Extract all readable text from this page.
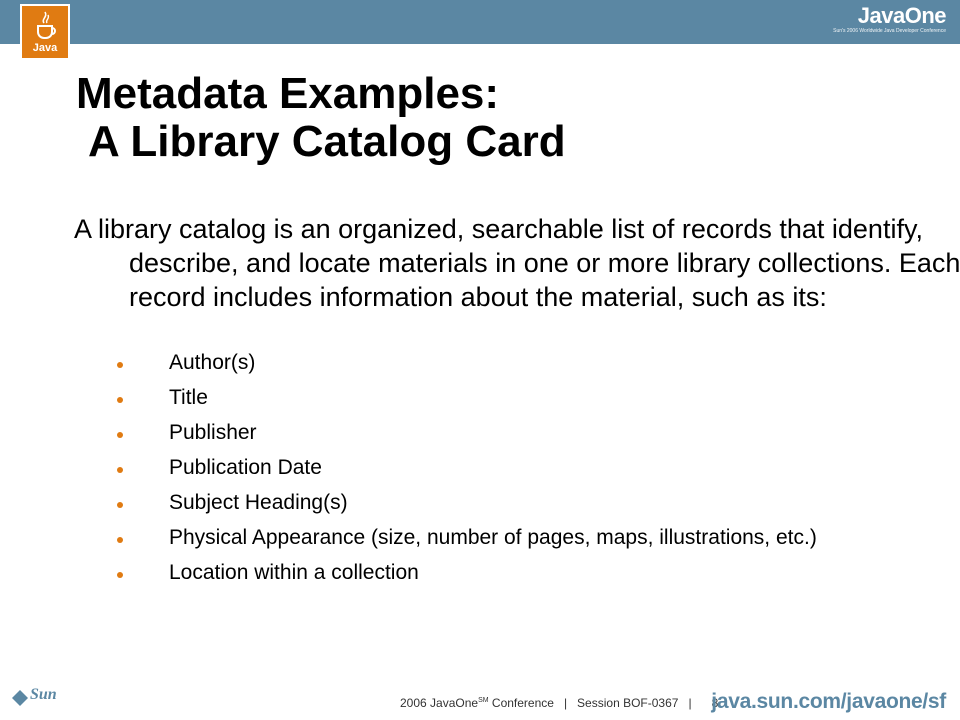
Java
JavaOne
Sun's 2006 Worldwide Java Developer Conference
Metadata Examples:
A Library Catalog Card

A library catalog is an organized, searchable list of records that identify, describe, and locate materials in one or more library collections. Each record includes information about the material, such as its:

Author(s)
Title
Publisher
Publication Date
Subject Heading(s)
Physical Appearance (size, number of pages, maps, illustrations, etc.)
Location within a collection
Sun	2006 JavaOne℠ Conference   |   Session BOF-0367   |      8
java.sun.com/javaone/sf
